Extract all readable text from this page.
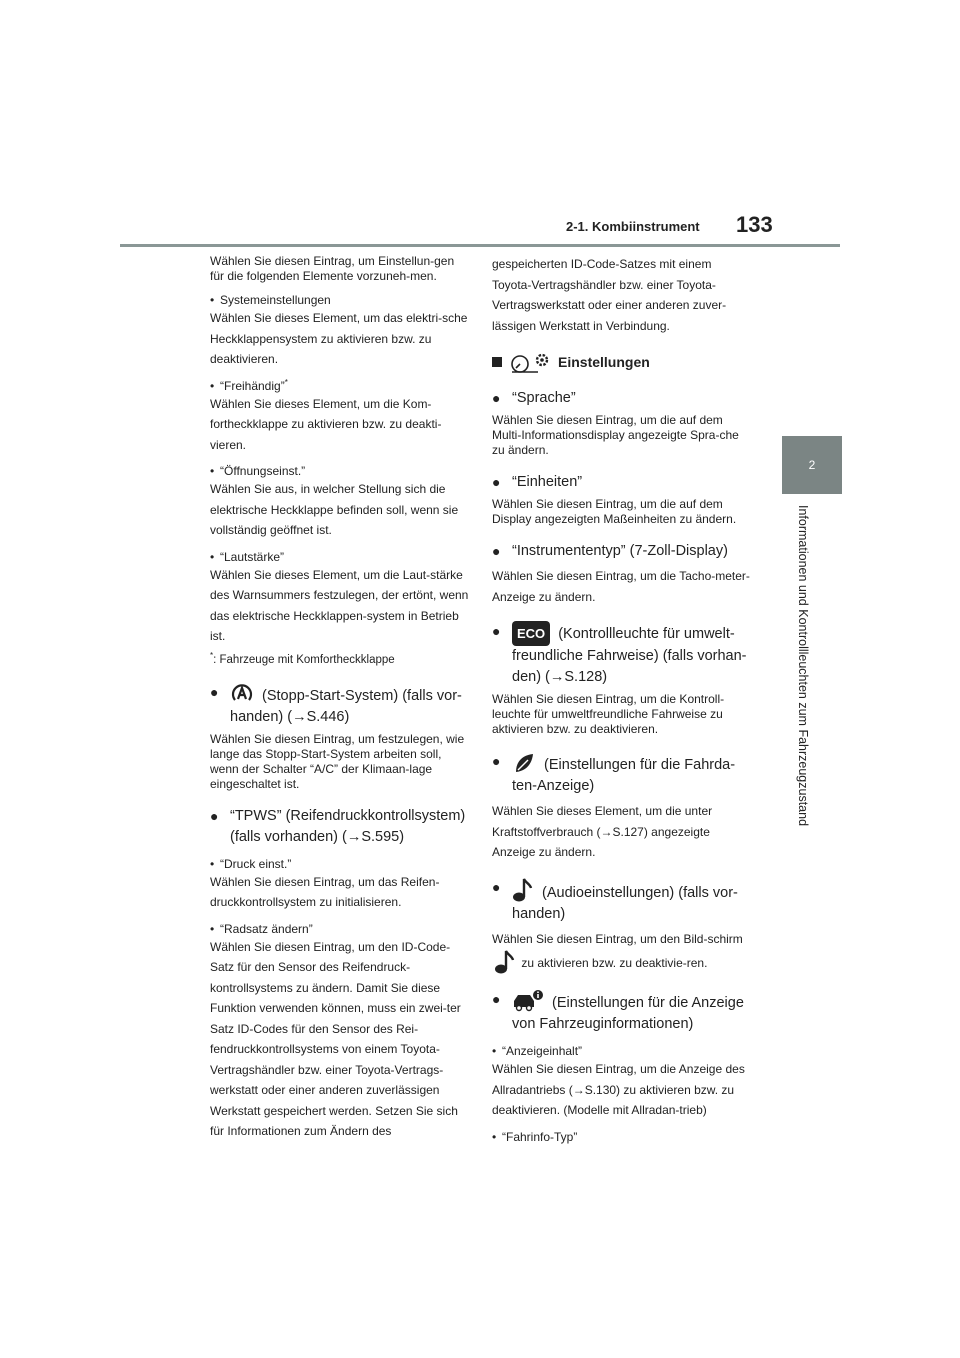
2-1. Kombiinstrument 133
2
Informationen und Kontrollleuchten zum Fahrzeugzustand

Wählen Sie diesen Eintrag, um Einstellun-gen für die folgenden Elemente vorzuneh-men.

• Systemeinstellungen

Wählen Sie dieses Element, um das elektri-sche Heckklappensystem zu aktivieren bzw. zu deaktivieren.

• “Freihändig”*

Wählen Sie dieses Element, um die Kom-fortheckklappe zu aktivieren bzw. zu deakti-vieren.

• “Öffnungseinst.”

Wählen Sie aus, in welcher Stellung sich die elektrische Heckklappe befinden soll, wenn sie vollständig geöffnet ist.

• “Lautstärke”

Wählen Sie dieses Element, um die Laut-stärke des Warnsummers festzulegen, der ertönt, wenn das elektrische Heckklappen-system in Betrieb ist.

*: Fahrzeuge mit Komfortheckklappe

●	(Stopp-Start-System) (falls vor-handen) (→S.446)

Wählen Sie diesen Eintrag, um festzulegen, wie lange das Stopp-Start-System arbeiten soll, wenn der Schalter “A/C” der Klimaan-lage eingeschaltet ist.

● “TPWS” (Reifendruckkontrollsystem) (falls vorhanden) (→S.595)

• “Druck einst.”

Wählen Sie diesen Eintrag, um das Reifen-druckkontrollsystem zu initialisieren.

• “Radsatz ändern”

Wählen Sie diesen Eintrag, um den ID-Code-Satz für den Sensor des Reifendruck-kontrollsystems zu ändern. Damit Sie diese Funktion verwenden können, muss ein zwei-ter Satz ID-Codes für den Sensor des Rei-fendruckkontrollsystems von einem Toyota-Vertragshändler bzw. einer Toyota-Vertrags-werkstatt oder einer anderen zuverlässigen Werkstatt gespeichert werden. Setzen Sie sich für Informationen zum Ändern des

gespeicherten ID-Code-Satzes mit einem Toyota-Vertragshändler bzw. einer Toyota-Vertragswerkstatt oder einer anderen zuver-lässigen Werkstatt in Verbindung.

Einstellungen
● “Sprache”

Wählen Sie diesen Eintrag, um die auf dem Multi-Informationsdisplay angezeigte Spra-che zu ändern.

● “Einheiten”

Wählen Sie diesen Eintrag, um die auf dem Display angezeigten Maßeinheiten zu ändern.

● “Instrumententyp” (7-Zoll-Display)

Wählen Sie diesen Eintrag, um die Tacho-meter-Anzeige zu ändern.

● ECO (Kontrollleuchte für umwelt-freundliche Fahrweise) (falls vorhan-den) (→S.128)

Wählen Sie diesen Eintrag, um die Kontroll-leuchte für umweltfreundliche Fahrweise zu aktivieren bzw. zu deaktivieren.

●	(Einstellungen für die Fahrda-ten-Anzeige)

Wählen Sie dieses Element, um die unter Kraftstoffverbrauch (→S.127) angezeigte Anzeige zu ändern.

●	(Audioeinstellungen) (falls vor-handen)

Wählen Sie diesen Eintrag, um den Bild-schirm  zu aktivieren bzw. zu deaktivie-ren.

●	(Einstellungen für die Anzeige von Fahrzeuginformationen)

• “Anzeigeinhalt”

Wählen Sie diesen Eintrag, um die Anzeige des Allradantriebs (→S.130) zu aktivieren bzw. zu deaktivieren. (Modelle mit Allradan-trieb)

• “Fahrinfo-Typ”
